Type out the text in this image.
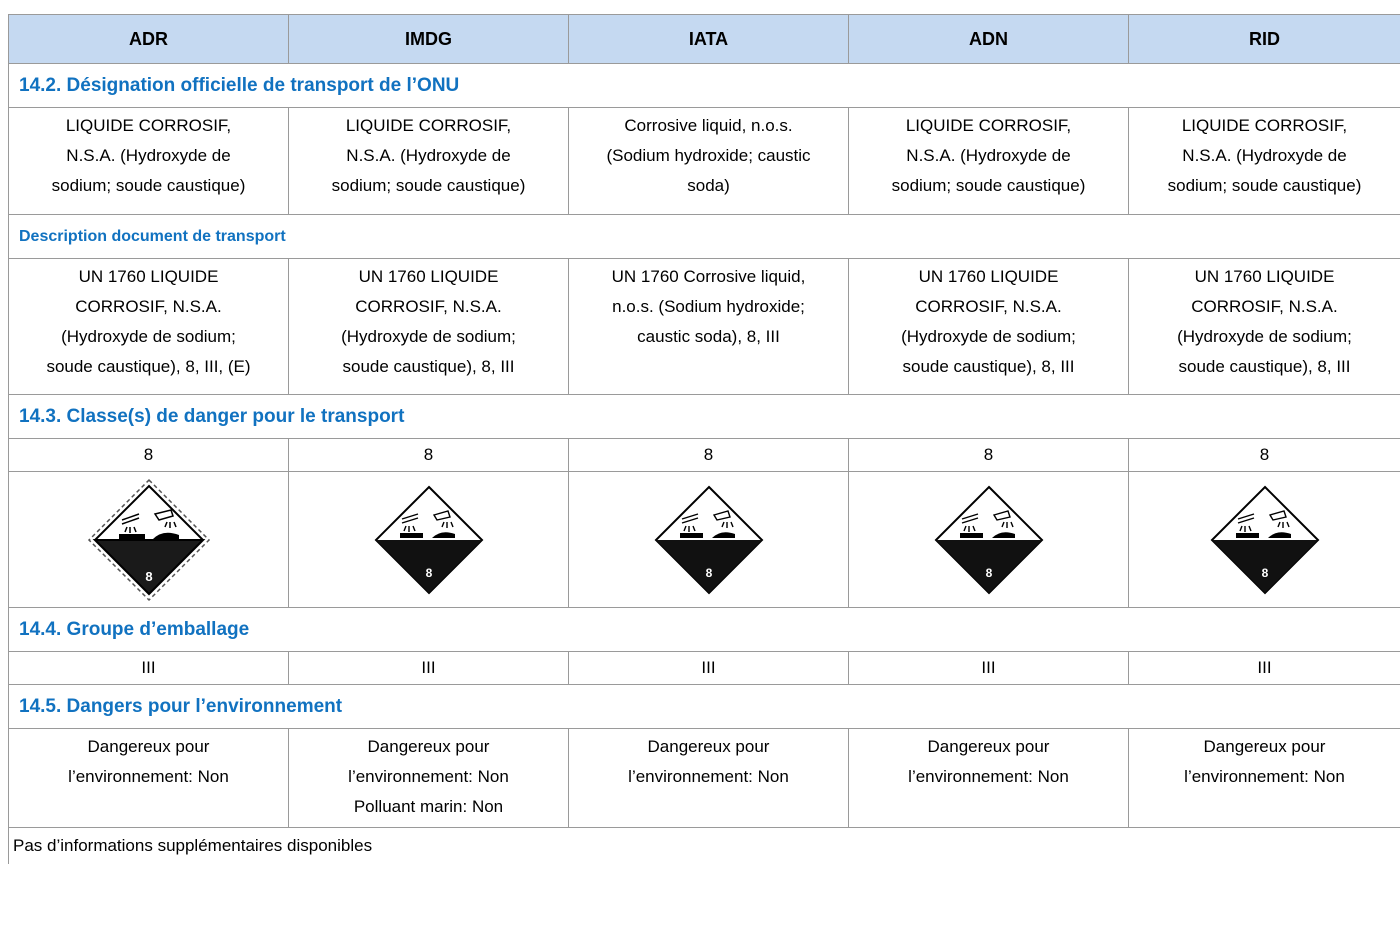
ADR	IMDG	IATA	ADN	RID
14.2. Désignation officielle de transport de l’ONU				

LIQUIDE CORROSIF,
N.S.A. (Hydroxyde de
sodium; soude caustique)	LIQUIDE CORROSIF,
N.S.A. (Hydroxyde de
sodium; soude caustique)	Corrosive liquid, n.o.s.
(Sodium hydroxide; caustic
soda)	LIQUIDE CORROSIF,
N.S.A. (Hydroxyde de
sodium; soude caustique)	LIQUIDE CORROSIF,
N.S.A. (Hydroxyde de
sodium; soude caustique)

Description document de transport				

UN 1760 LIQUIDE
CORROSIF, N.S.A.
(Hydroxyde de sodium;
soude caustique), 8, III, (E)	UN 1760 LIQUIDE
CORROSIF, N.S.A.
(Hydroxyde de sodium;
soude caustique), 8, III	UN 1760 Corrosive liquid,
n.o.s. (Sodium hydroxide;
caustic soda), 8, III	UN 1760 LIQUIDE
CORROSIF, N.S.A.
(Hydroxyde de sodium;
soude caustique), 8, III	UN 1760 LIQUIDE
CORROSIF, N.S.A.
(Hydroxyde de sodium;
soude caustique), 8, III

14.3. Classe(s) de danger pour le transport				
8	8	8	8	8

8	8	8	8	8

14.4. Groupe d’emballage				
III	III	III	III	III
14.5. Dangers pour l’environnement				

Dangereux pour
l’environnement: Non	Dangereux pour
l’environnement: Non
Polluant marin: Non	Dangereux pour
l’environnement: Non	Dangereux pour
l’environnement: Non	Dangereux pour
l’environnement: Non

Pas d’informations supplémentaires disponibles				
